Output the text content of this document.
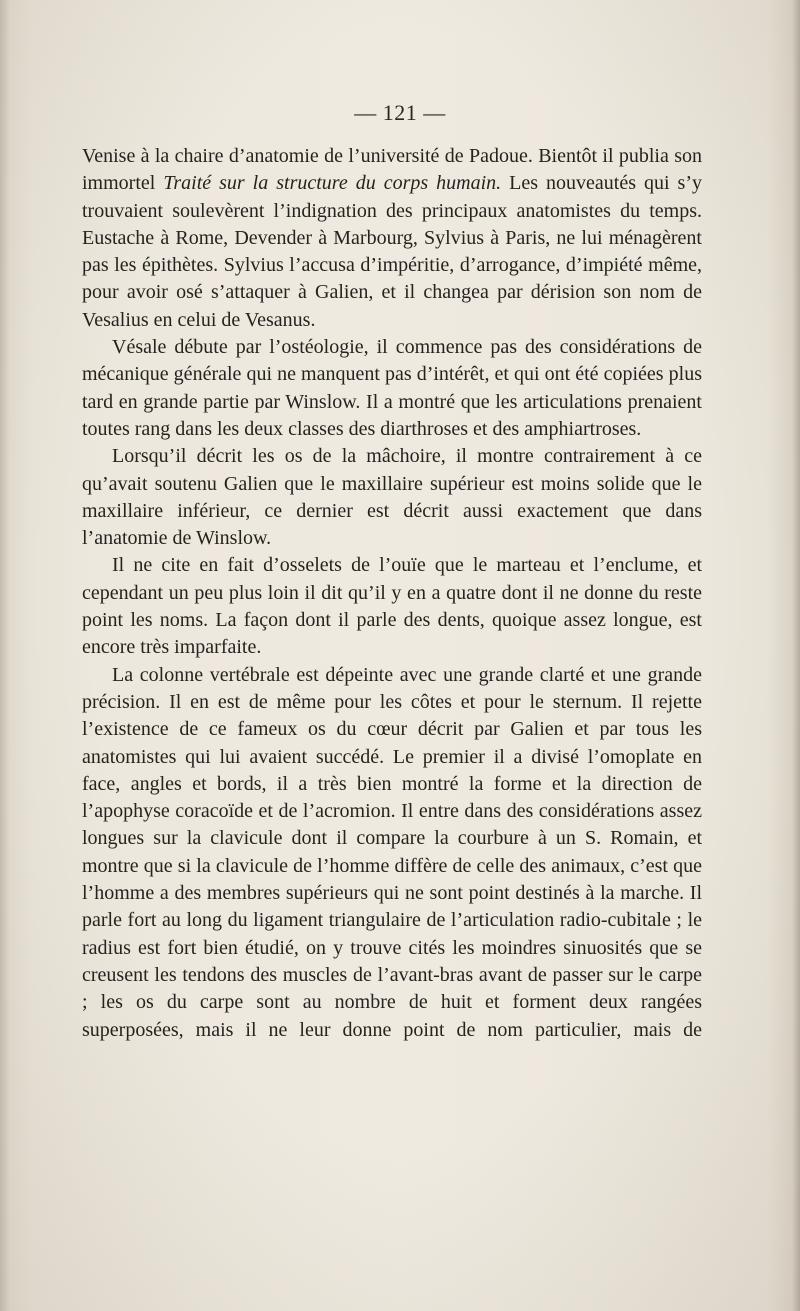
— 121 —

Venise à la chaire d’anatomie de l’université de Padoue. Bientôt il publia son immortel Traité sur la structure du corps humain. Les nouveautés qui s’y trouvaient soulevèrent l’indignation des principaux anatomistes du temps. Eustache à Rome, Devender à Marbourg, Sylvius à Paris, ne lui ménagèrent pas les épithètes. Sylvius l’accusa d’impéritie, d’arrogance, d’impiété même, pour avoir osé s’attaquer à Galien, et il changea par dérision son nom de Vesalius en celui de Vesanus.

Vésale débute par l’ostéologie, il commence pas des considérations de mécanique générale qui ne manquent pas d’intérêt, et qui ont été copiées plus tard en grande partie par Winslow. Il a montré que les articulations prenaient toutes rang dans les deux classes des diarthroses et des amphiartroses.

Lorsqu’il décrit les os de la mâchoire, il montre contrairement à ce qu’avait soutenu Galien que le maxillaire supérieur est moins solide que le maxillaire inférieur, ce dernier est décrit aussi exactement que dans l’anatomie de Winslow.

Il ne cite en fait d’osselets de l’ouïe que le marteau et l’enclume, et cependant un peu plus loin il dit qu’il y en a quatre dont il ne donne du reste point les noms. La façon dont il parle des dents, quoique assez longue, est encore très imparfaite.

La colonne vertébrale est dépeinte avec une grande clarté et une grande précision. Il en est de même pour les côtes et pour le sternum. Il rejette l’existence de ce fameux os du cœur décrit par Galien et par tous les anatomistes qui lui avaient succédé. Le premier il a divisé l’omoplate en face, angles et bords, il a très bien montré la forme et la direction de l’apophyse coracoïde et de l’acromion. Il entre dans des considérations assez longues sur la clavicule dont il compare la courbure à un S. Romain, et montre que si la clavicule de l’homme diffère de celle des animaux, c’est que l’homme a des membres supérieurs qui ne sont point destinés à la marche. Il parle fort au long du ligament triangulaire de l’articulation radio-cubitale ; le radius est fort bien étudié, on y trouve cités les moindres sinuosités que se creusent les tendons des muscles de l’avant-bras avant de passer sur le carpe ; les os du carpe sont au nombre de huit et forment deux rangées superposées, mais il ne leur donne point de nom particulier, mais de
